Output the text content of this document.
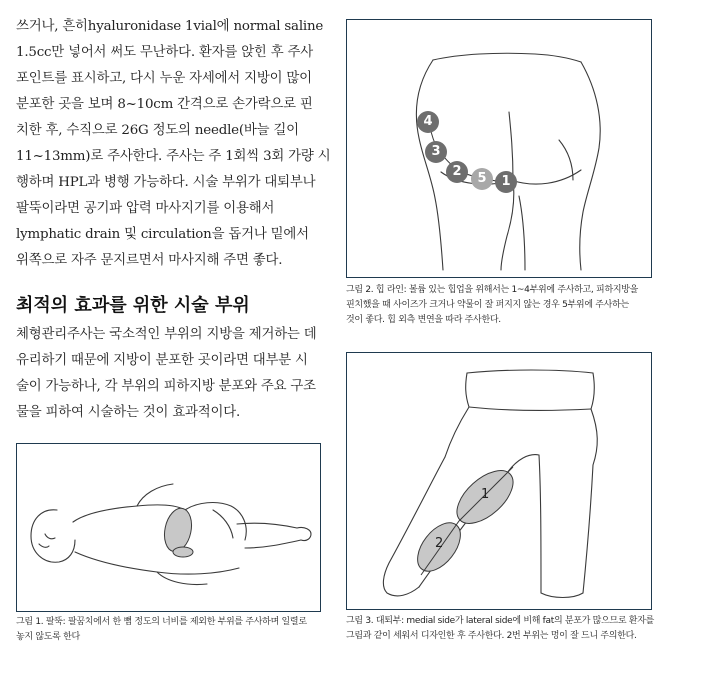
쓰거나, 흔히hyaluronidase 1vial에 normal saline
1.5cc만 넣어서 써도 무난하다. 환자를 앉힌 후 주사
포인트를 표시하고, 다시 누운 자세에서 지방이 많이
분포한 곳을 보며 8~10cm 간격으로 손가락으로 핀
치한 후, 수직으로 26G 정도의 needle(바늘 길이
11~13mm)로 주사한다. 주사는 주 1회씩 3회 가량 시
행하며 HPL과 병행 가능하다. 시술 부위가 대퇴부나
팔뚝이라면 공기파 압력 마사지기를 이용해서
lymphatic drain 및 circulation을 돕거나 밑에서
위쪽으로 자주 문지르면서 마사지해 주면 좋다.
최적의 효과를 위한 시술 부위
체형관리주사는 국소적인 부위의 지방을 제거하는 데
유리하기 때문에 지방이 분포한 곳이라면 대부분 시
술이 가능하나, 각 부위의 피하지방 분포와 주요 구조
물을 피하여 시술하는 것이 효과적이다.
그림 1. 팔뚝: 팔꿈치에서 한 뼘 정도의 너비를 제외한 부위를 주사하며 일렬로
놓지 않도록 한다
4
3
2	5	1
그림 2. 힙 라인: 볼륨 있는 힙업을 위해서는 1~4부위에 주사하고, 피하지방을
핀치했을 때 사이즈가 크거나 약물이 잘 퍼지지 않는 경우 5부위에 주사하는
것이 좋다. 힙 외측 변연을 따라 주사한다.
1
2
그림 3. 대퇴부: medial side가 lateral side에 비해 fat의 분포가 많으므로 환자를
그림과 같이 세워서 디자인한 후 주사한다. 2번 부위는 멍이 잘 드니 주의한다.
